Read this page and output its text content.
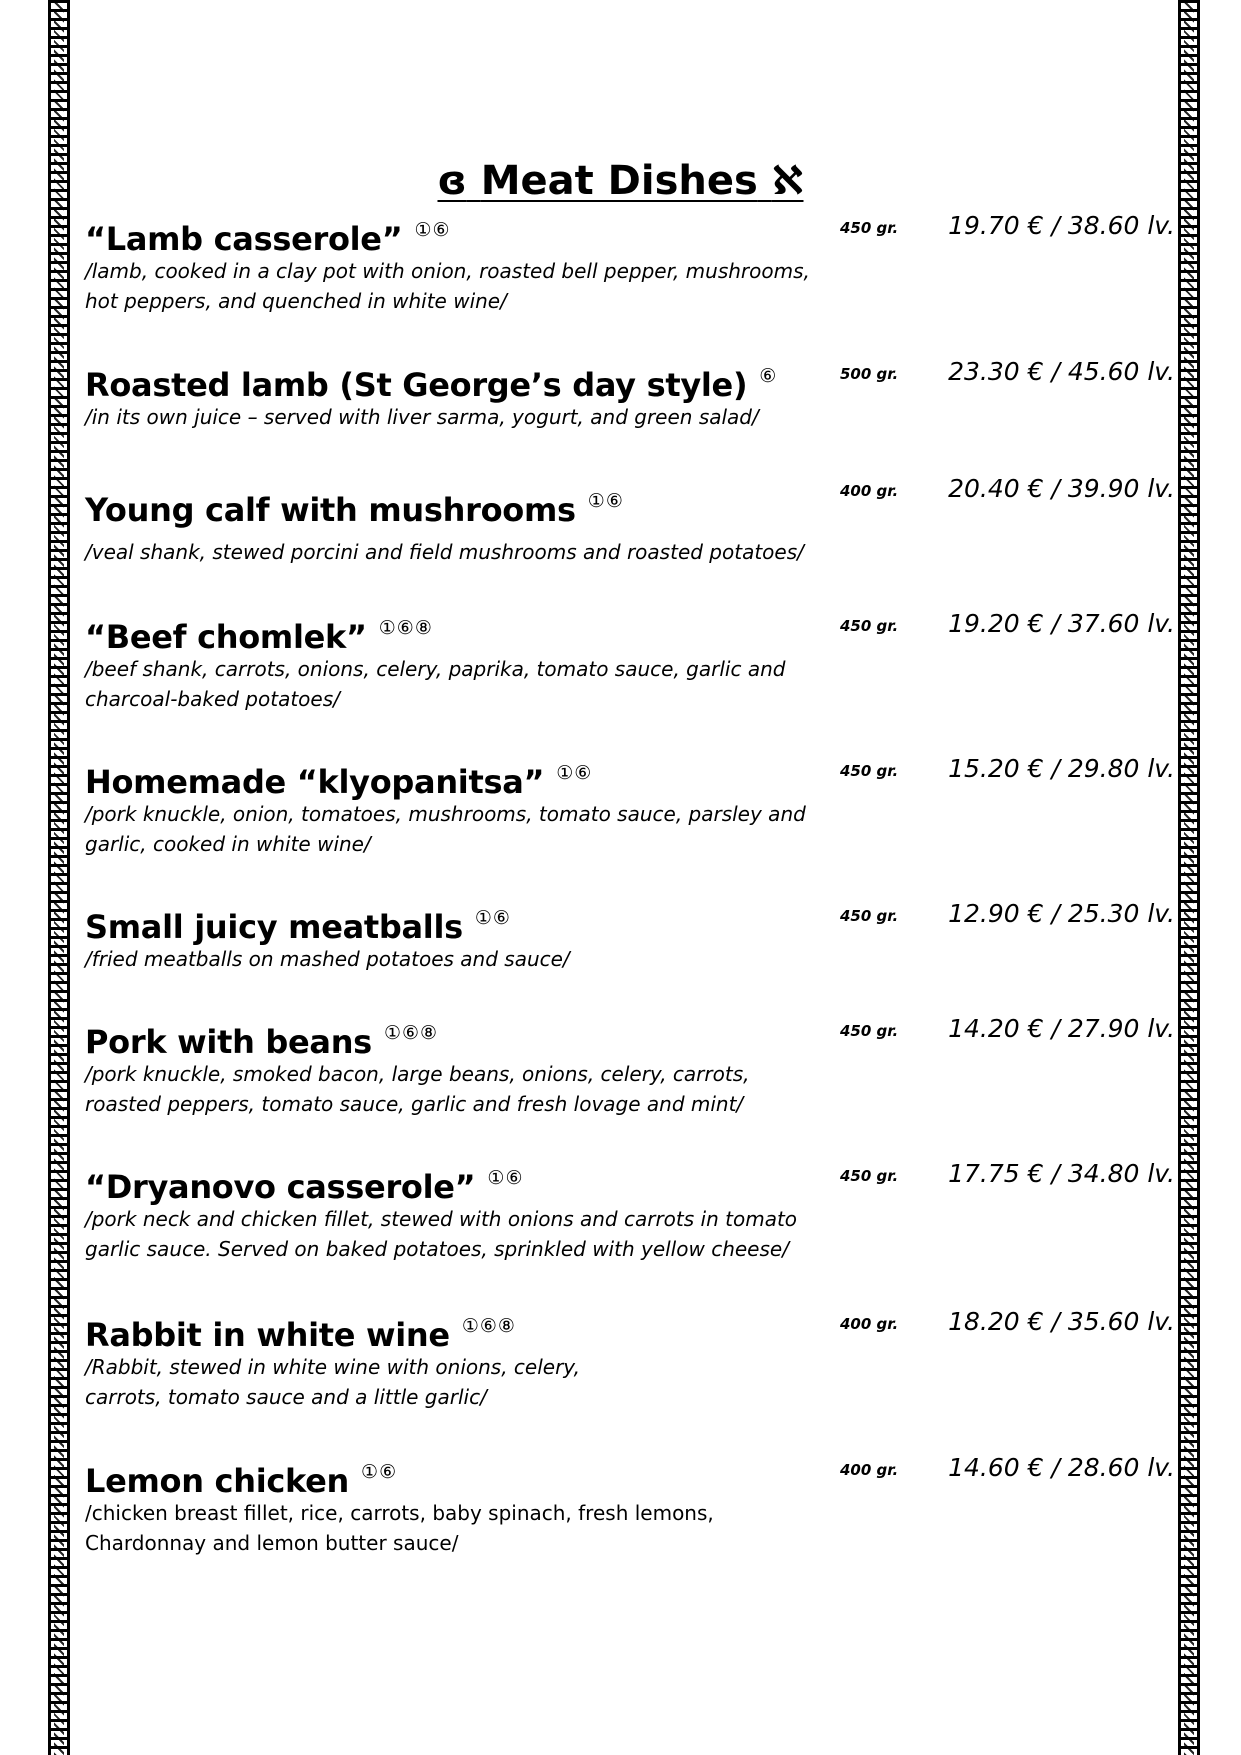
ɞ Meat Dishes ℵ
“Lamb casserole” ①⑥	450 gr. 19.70 € / 38.60 lv.
/lamb, cooked in a clay pot with onion, roasted bell pepper, mushrooms, hot peppers, and quenched in white wine/
Roasted lamb (St George’s day style) ⑥	500 gr. 23.30 € / 45.60 lv.
/in its own juice – served with liver sarma, yogurt, and green salad/
Young calf with mushrooms ①⑥	400 gr. 20.40 € / 39.90 lv.
/veal shank, stewed porcini and field mushrooms and roasted potatoes/
“Beef chomlek” ①⑥⑧	450 gr. 19.20 € / 37.60 lv.
/beef shank, carrots, onions, celery, paprika, tomato sauce, garlic and charcoal-baked potatoes/
Homemade “klyopanitsa” ①⑥	450 gr. 15.20 € / 29.80 lv.
/pork knuckle, onion, tomatoes, mushrooms, tomato sauce, parsley and garlic, cooked in white wine/
Small juicy meatballs ①⑥	450 gr. 12.90 € / 25.30 lv.
/fried meatballs on mashed potatoes and sauce/
Pork with beans ①⑥⑧	450 gr. 14.20 € / 27.90 lv.
/pork knuckle, smoked bacon, large beans, onions, celery, carrots, roasted peppers, tomato sauce, garlic and fresh lovage and mint/
“Dryanovo casserole” ①⑥	450 gr. 17.75 € / 34.80 lv.
/pork neck and chicken fillet, stewed with onions and carrots in tomato garlic sauce. Served on baked potatoes, sprinkled with yellow cheese/
Rabbit in white wine ①⑥⑧	400 gr. 18.20 € / 35.60 lv.
/Rabbit, stewed in white wine with onions, celery, carrots, tomato sauce and a little garlic/
Lemon chicken ①⑥	400 gr. 14.60 € / 28.60 lv.
/chicken breast fillet, rice, carrots, baby spinach, fresh lemons, Chardonnay and lemon butter sauce/
